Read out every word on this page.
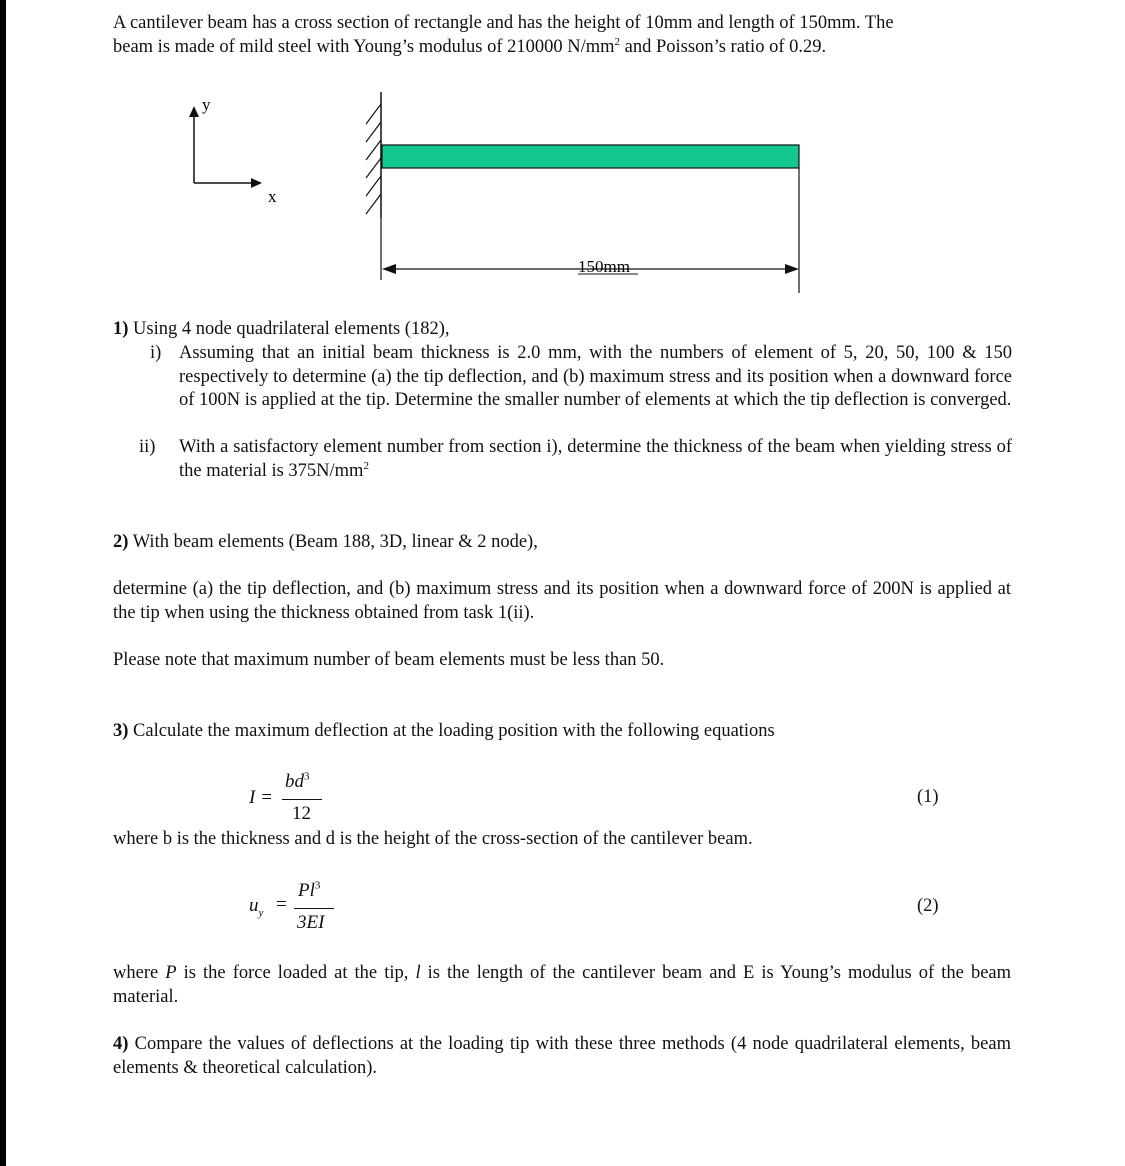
A cantilever beam has a cross section of rectangle and has the height of 10mm and length of 150mm. The
beam is made of mild steel with Young’s modulus of 210000 $N/mm^2$ and Poisson’s ratio of 0.29.
y
x
150mm
1) Using 4 node quadrilateral elements (182),
i) Assuming that an initial beam thickness is 2.0 mm, with the numbers of element of 5, 20, 50, 100 & 150 respectively to determine (a) the tip deflection, and (b) maximum stress and its position when a downward force of 100N is applied at the tip. Determine the smaller number of elements at which the tip deflection is converged.
ii)	With a satisfactory element number from section i), determine the thickness of the beam when yielding stress of the material is $375N/mm^2$
2) With beam elements (Beam 188, 3D, linear & 2 node),
determine (a) the tip deflection, and (b) maximum stress and its position when a downward force of 200N is applied at the tip when using the thickness obtained from task 1(ii).
Please note that maximum number of beam elements must be less than 50.
3) Calculate the maximum deflection at the loading position with the following equations
I =
$bd^3$
12
(1)
where b is the thickness and d is the height of the cross-section of the cantilever beam.
$u_y$ =
$Pl^3$
3EI
(2)
where P is the force loaded at the tip, l is the length of the cantilever beam and E is Young’s modulus of the beam material.
4) Compare the values of deflections at the loading tip with these three methods (4 node quadrilateral elements, beam elements & theoretical calculation).
